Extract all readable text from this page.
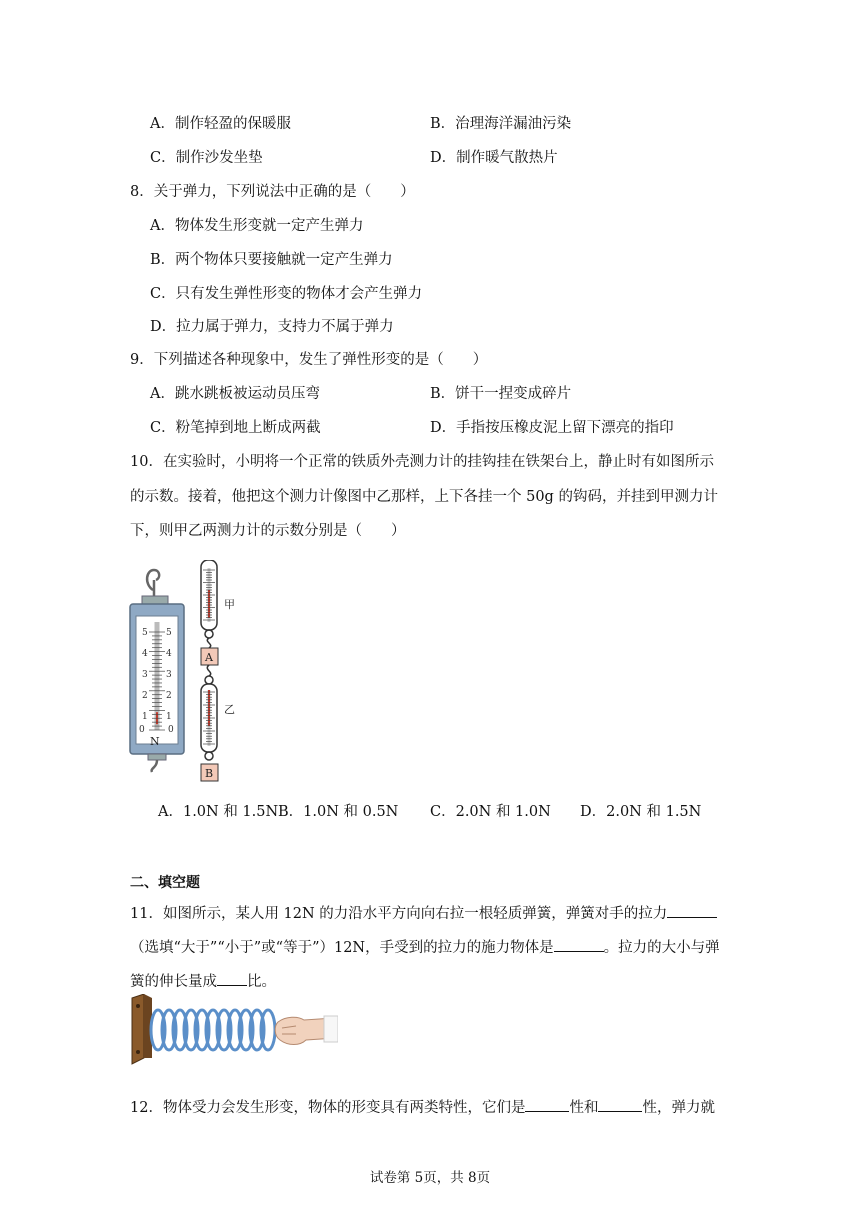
A．制作轻盈的保暖服	B．治理海洋漏油污染
C．制作沙发坐垫	D．制作暖气散热片
8．关于弹力，下列说法中正确的是（　　）
A．物体发生形变就一定产生弹力
B．两个物体只要接触就一定产生弹力
C．只有发生弹性形变的物体才会产生弹力
D．拉力属于弹力，支持力不属于弹力
9．下列描述各种现象中，发生了弹性形变的是（　　）
A．跳水跳板被运动员压弯	B．饼干一捏变成碎片
C．粉笔掉到地上断成两截	D．手指按压橡皮泥上留下漂亮的指印
10．在实验时，小明将一个正常的铁质外壳测力计的挂钩挂在铁架台上，静止时有如图所示
的示数。接着，他把这个测力计像图中乙那样，上下各挂一个 50g 的钩码，并挂到甲测力计
下，则甲乙两测力计的示数分别是（　　）
5
4
3
2
1
0
5
4
3
2
1
0
N
甲
A
乙
B
A．1.0N 和 1.5N B．1.0N 和 0.5N C．2.0N 和 1.0N D．2.0N 和 1.5N
二、填空题
11．如图所示，某人用 12N 的力沿水平方向向右拉一根轻质弹簧，弹簧对手的拉力
（选填“大于”“小于”或“等于”）12N，手受到的拉力的施力物体是	。拉力的大小与弹
簧的伸长量成 比。
12．物体受力会发生形变，物体的形变具有两类特性，它们是	性和	性，弹力就
试卷第 5页，共 8页
